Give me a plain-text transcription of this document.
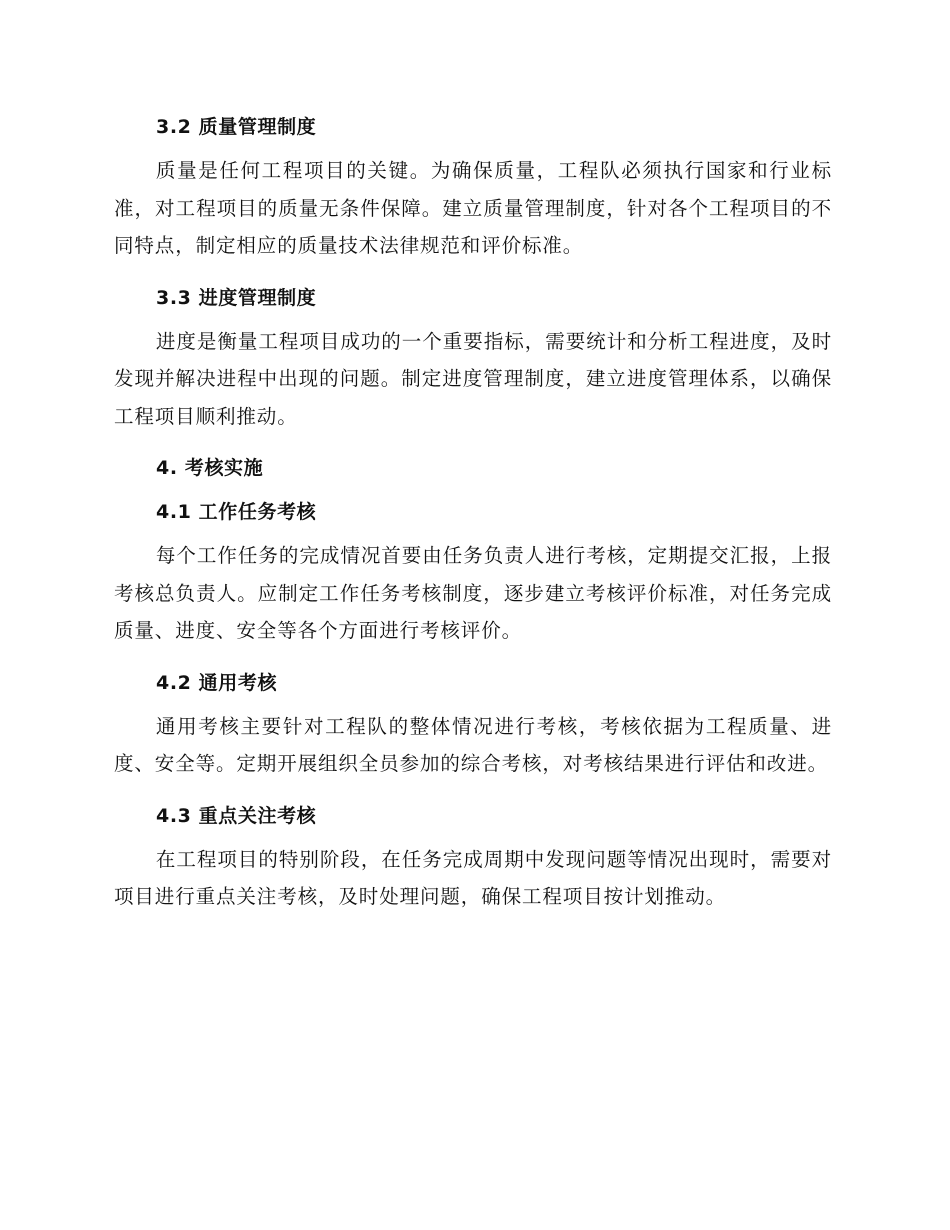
3.2 质量管理制度

质量是任何工程项目的关键。为确保质量，工程队必须执行国家和行业标准，对工程项目的质量无条件保障。建立质量管理制度，针对各个工程项目的不同特点，制定相应的质量技术法律规范和评价标准。

3.3 进度管理制度

进度是衡量工程项目成功的一个重要指标，需要统计和分析工程进度，及时发现并解决进程中出现的问题。制定进度管理制度，建立进度管理体系，以确保工程项目顺利推动。

4. 考核实施
4.1 工作任务考核

每个工作任务的完成情况首要由任务负责人进行考核，定期提交汇报，上报考核总负责人。应制定工作任务考核制度，逐步建立考核评价标准，对任务完成质量、进度、安全等各个方面进行考核评价。

4.2 通用考核

通用考核主要针对工程队的整体情况进行考核，考核依据为工程质量、进度、安全等。定期开展组织全员参加的综合考核，对考核结果进行评估和改进。

4.3 重点关注考核

在工程项目的特别阶段，在任务完成周期中发现问题等情况出现时，需要对项目进行重点关注考核，及时处理问题，确保工程项目按计划推动。
